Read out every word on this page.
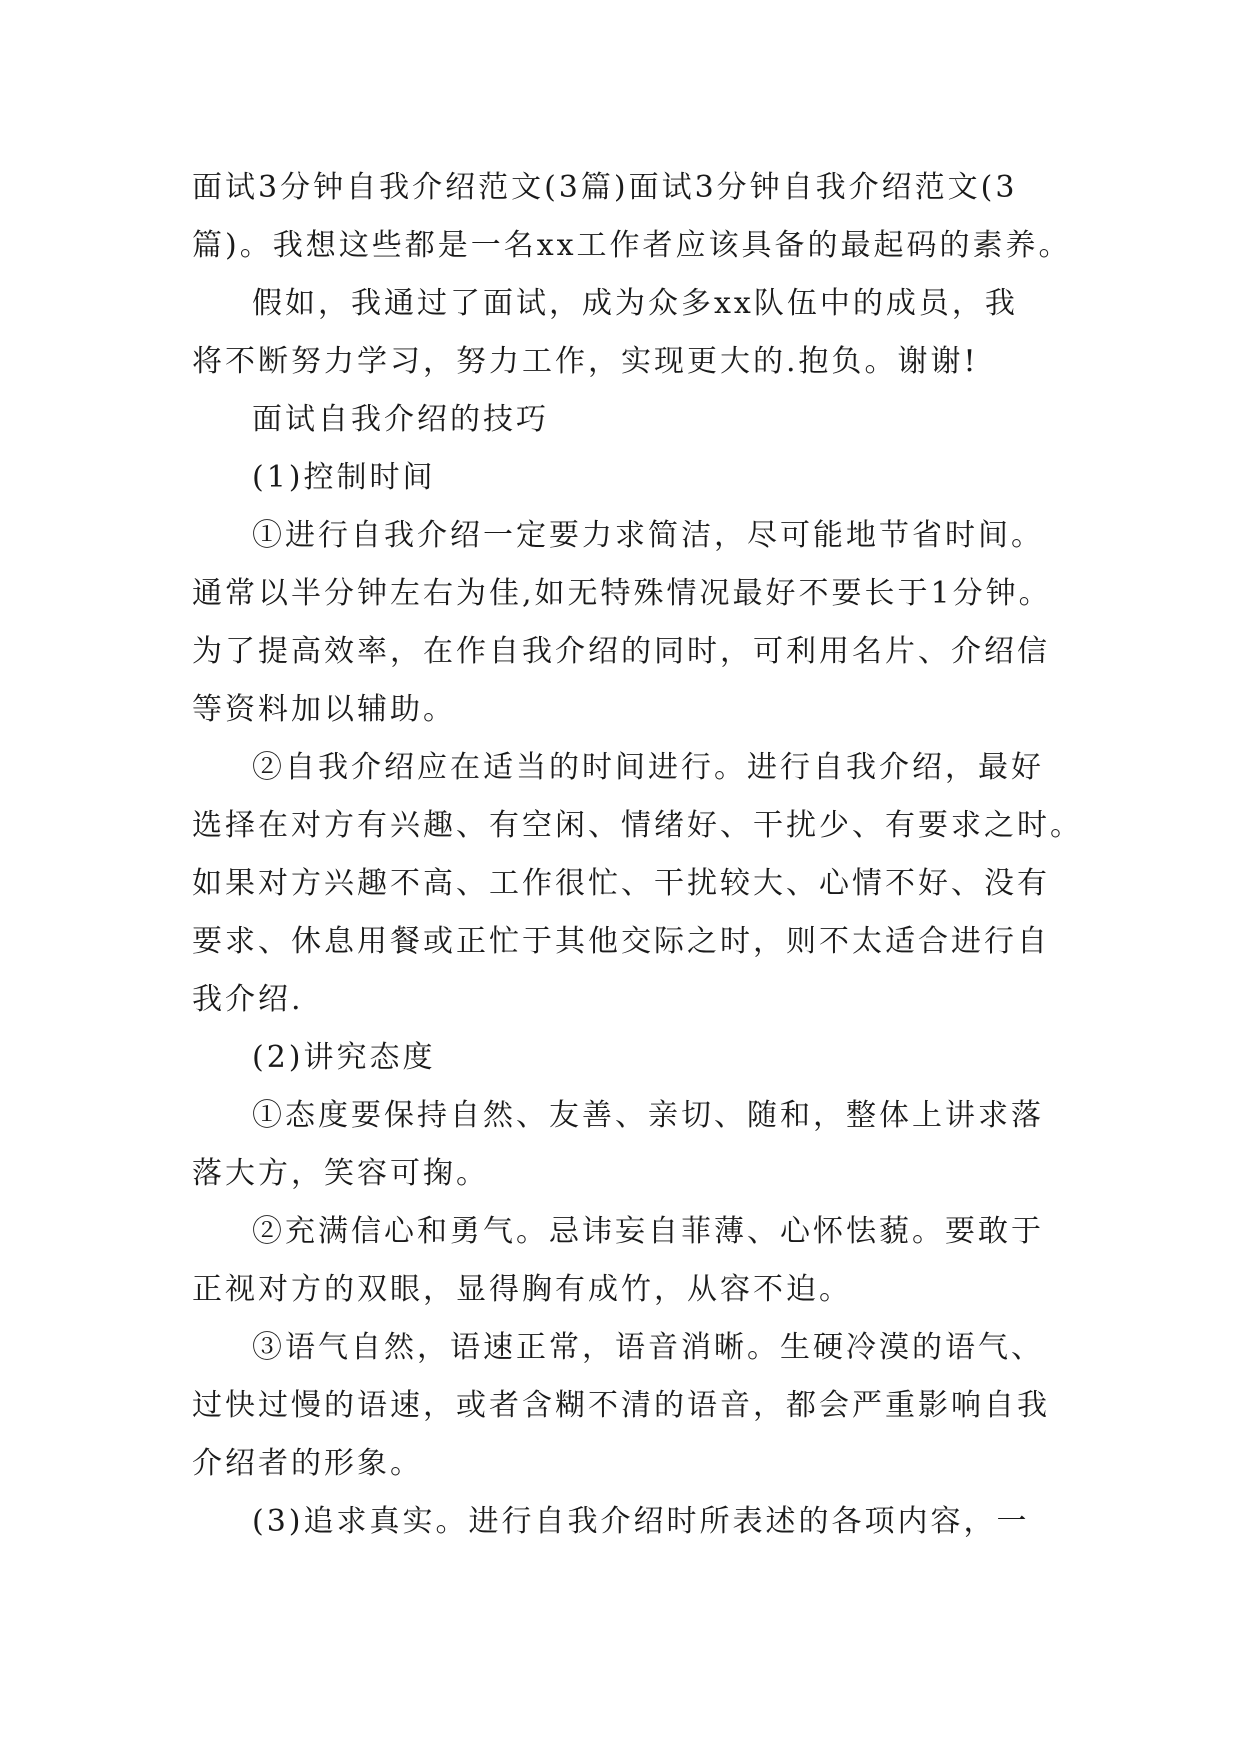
面试3分钟自我介绍范文(3篇)面试3分钟自我介绍范文(3
篇)。我想这些都是一名xx工作者应该具备的最起码的素养。
假如，我通过了面试，成为众多xx队伍中的成员，我
将不断努力学习，努力工作，实现更大的.抱负。谢谢!
面试自我介绍的技巧
(1)控制时间
①进行自我介绍一定要力求简洁，尽可能地节省时间。
通常以半分钟左右为佳,如无特殊情况最好不要长于1分钟。
为了提高效率，在作自我介绍的同时，可利用名片、介绍信
等资料加以辅助。
②自我介绍应在适当的时间进行。进行自我介绍，最好
选择在对方有兴趣、有空闲、情绪好、干扰少、有要求之时。
如果对方兴趣不高、工作很忙、干扰较大、心情不好、没有
要求、休息用餐或正忙于其他交际之时，则不太适合进行自
我介绍.
(2)讲究态度
①态度要保持自然、友善、亲切、随和，整体上讲求落
落大方，笑容可掬。
②充满信心和勇气。忌讳妄自菲薄、心怀怯藐。要敢于
正视对方的双眼，显得胸有成竹，从容不迫。
③语气自然，语速正常，语音消晰。生硬冷漠的语气、
过快过慢的语速，或者含糊不清的语音，都会严重影响自我
介绍者的形象。
(3)追求真实。进行自我介绍时所表述的各项内容，一
